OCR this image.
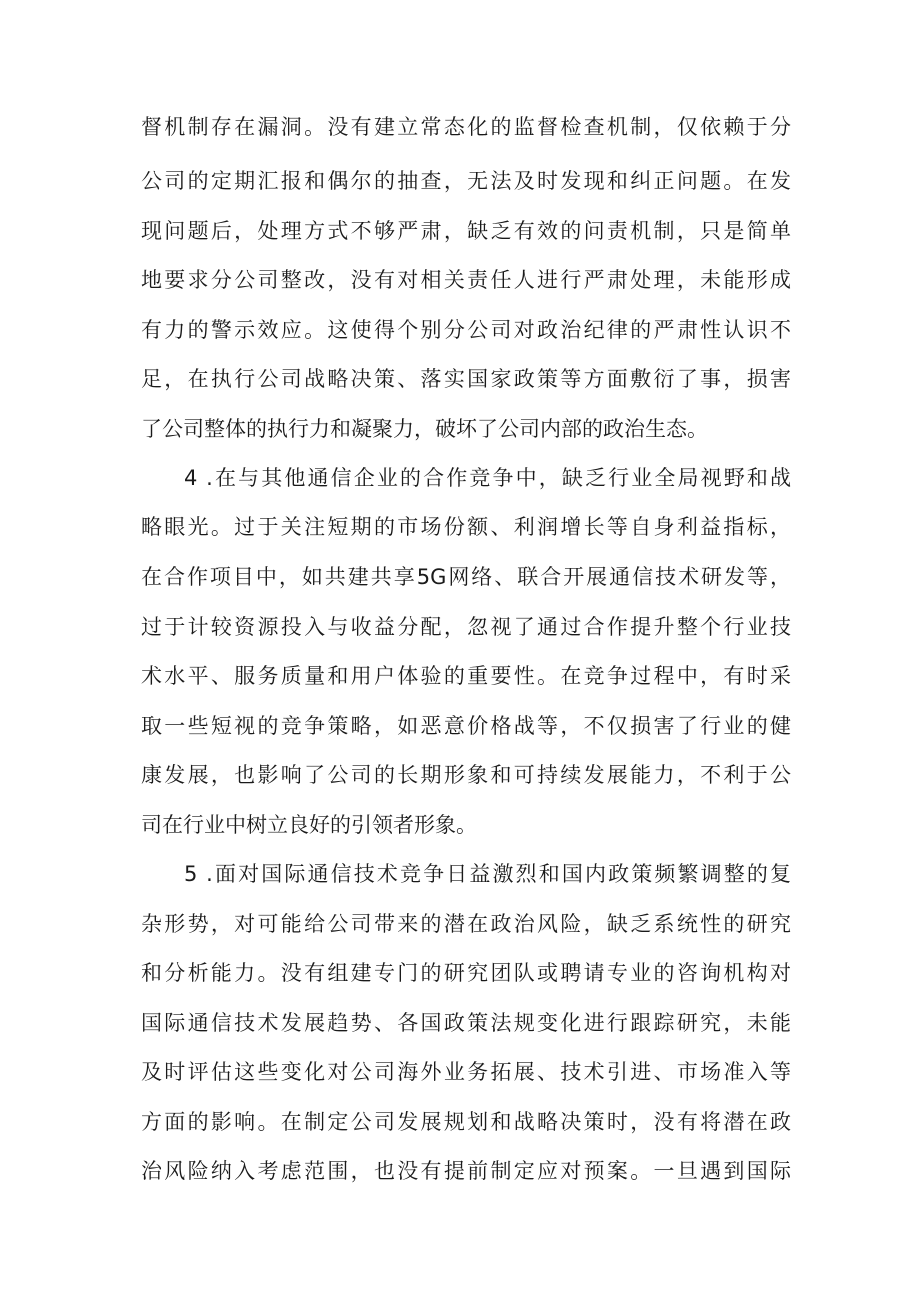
督机制存在漏洞。没有建立常态化的监督检查机制，仅依赖于分
公司的定期汇报和偶尔的抽查，无法及时发现和纠正问题。在发
现问题后，处理方式不够严肃，缺乏有效的问责机制，只是简单
地要求分公司整改，没有对相关责任人进行严肃处理，未能形成
有力的警示效应。这使得个别分公司对政治纪律的严肃性认识不
足，在执行公司战略决策、落实国家政策等方面敷衍了事，损害
了公司整体的执行力和凝聚力，破坏了公司内部的政治生态。
4 .在与其他通信企业的合作竞争中，缺乏行业全局视野和战
略眼光。过于关注短期的市场份额、利润增长等自身利益指标，
在合作项目中，如共建共享5G网络、联合开展通信技术研发等，
过于计较资源投入与收益分配，忽视了通过合作提升整个行业技
术水平、服务质量和用户体验的重要性。在竞争过程中，有时采
取一些短视的竞争策略，如恶意价格战等，不仅损害了行业的健
康发展，也影响了公司的长期形象和可持续发展能力，不利于公
司在行业中树立良好的引领者形象。
5 .面对国际通信技术竞争日益激烈和国内政策频繁调整的复
杂形势，对可能给公司带来的潜在政治风险，缺乏系统性的研究
和分析能力。没有组建专门的研究团队或聘请专业的咨询机构对
国际通信技术发展趋势、各国政策法规变化进行跟踪研究，未能
及时评估这些变化对公司海外业务拓展、技术引进、市场准入等
方面的影响。在制定公司发展规划和战略决策时，没有将潜在政
治风险纳入考虑范围，也没有提前制定应对预案。一旦遇到国际
